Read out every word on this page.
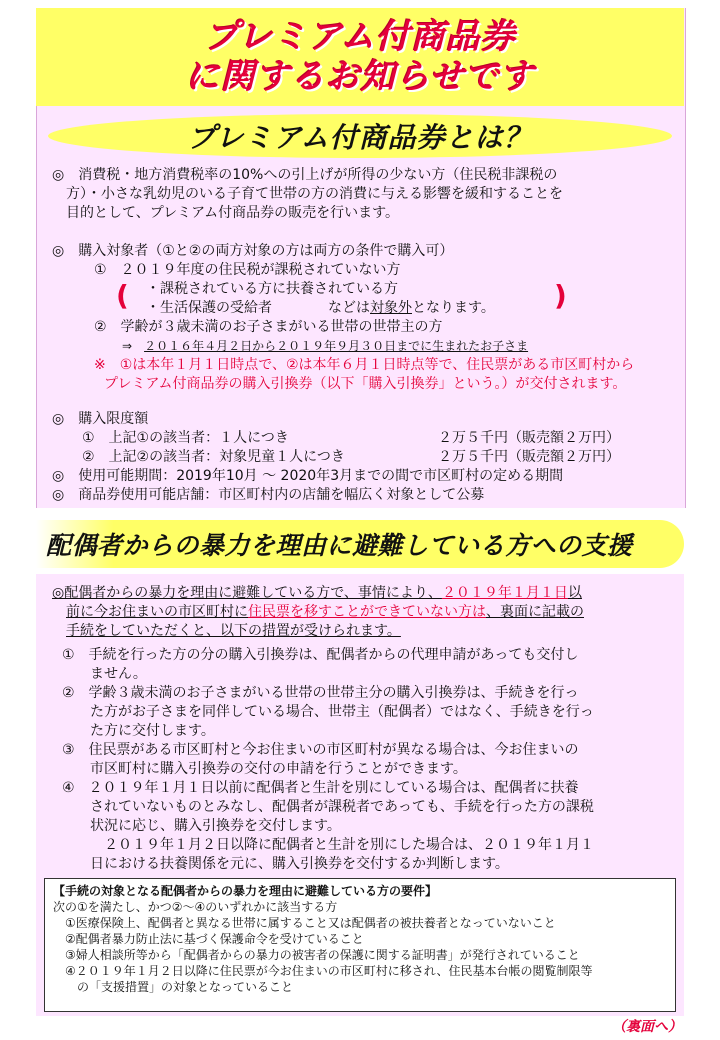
プレミアム付商品券
に関するお知らせです
プレミアム付商品券とは？
◎　消費税・地方消費税率の10%への引上げが所得の少ない方（住民税非課税の
　方）・小さな乳幼児のいる子育て世帯の方の消費に与える影響を緩和することを
　目的として、プレミアム付商品券の販売を行います。
◎　購入対象者（①と②の両方対象の方は両方の条件で購入可）
①　２０１９年度の住民税が課税されていない方
・課税されている方に扶養されている方
・生活保護の受給者　　　　などは対象外となります。
②　学齢が３歳未満のお子さまがいる世帯の世帯主の方
⇒　２０１６年４月２日から２０１９年９月３０日までに生まれたお子さま
※　①は本年１月１日時点で、②は本年６月１日時点等で、住民票がある市区町村から
プレミアム付商品券の購入引換券（以下「購入引換券」という。）が交付されます。
(	)
◎　購入限度額
①　上記①の該当者：１人につき	２万５千円（販売額２万円）
②　上記②の該当者：対象児童１人につき	２万５千円（販売額２万円）
◎　使用可能期間：2019年10月 ～ 2020年3月までの間で市区町村の定める期間
◎　商品券使用可能店舗：市区町村内の店舗を幅広く対象として公募
配偶者からの暴力を理由に避難している方への支援
◎配偶者からの暴力を理由に避難している方で、事情により、２０１９年１月１日以
前に今お住まいの市区町村に住民票を移すことができていない方は、裏面に記載の
手続をしていただくと、以下の措置が受けられます。
①　手続を行った方の分の購入引換券は、配偶者からの代理申請があっても交付し
　　ません。
②　学齢３歳未満のお子さまがいる世帯の世帯主分の購入引換券は、手続きを行っ
　　た方がお子さまを同伴している場合、世帯主（配偶者）ではなく、手続きを行っ
　　た方に交付します。
③　住民票がある市区町村と今お住まいの市区町村が異なる場合は、今お住まいの
　　市区町村に購入引換券の交付の申請を行うことができます。
④　２０１９年１月１日以前に配偶者と生計を別にしている場合は、配偶者に扶養
　　されていないものとみなし、配偶者が課税者であっても、手続を行った方の課税
　　状況に応じ、購入引換券を交付します。
　　　２０１９年１月２日以降に配偶者と生計を別にした場合は、２０１９年１月１
　　日における扶養関係を元に、購入引換券を交付するか判断します。
【手続の対象となる配偶者からの暴力を理由に避難している方の要件】
次の①を満たし、かつ②～④のいずれかに該当する方
　①医療保険上、配偶者と異なる世帯に属すること又は配偶者の被扶養者となっていないこと
　②配偶者暴力防止法に基づく保護命令を受けていること
　③婦人相談所等から「配偶者からの暴力の被害者の保護に関する証明書」が発行されていること
　④２０１９年１月２日以降に住民票が今お住まいの市区町村に移され、住民基本台帳の閲覧制限等
　　の「支援措置」の対象となっていること
（裏面へ）
